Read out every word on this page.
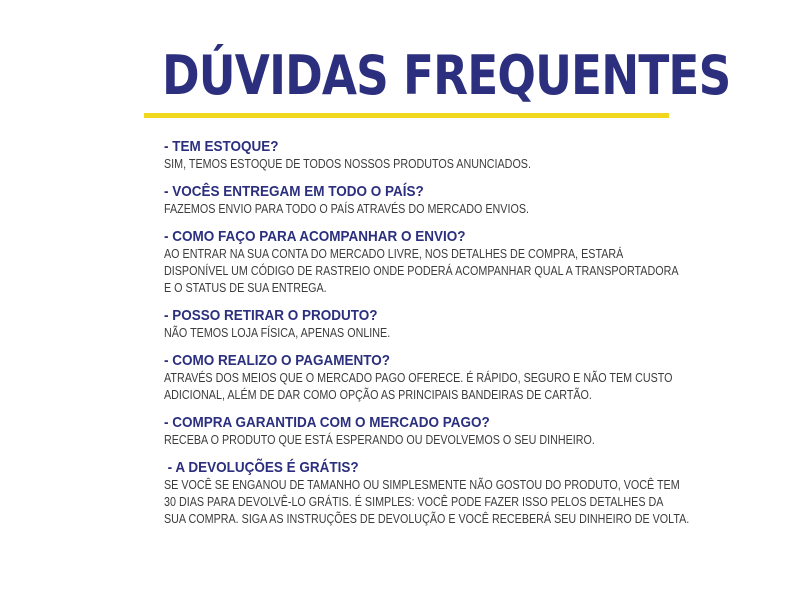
DÚVIDAS FREQUENTES
- TEM ESTOQUE?
SIM, TEMOS ESTOQUE DE TODOS NOSSOS PRODUTOS ANUNCIADOS.
- VOCÊS ENTREGAM EM TODO O PAÍS?
FAZEMOS ENVIO PARA TODO O PAÍS ATRAVÉS DO MERCADO ENVIOS.
- COMO FAÇO PARA ACOMPANHAR O ENVIO?
AO ENTRAR NA SUA CONTA DO MERCADO LIVRE, NOS DETALHES DE COMPRA, ESTARÁ
DISPONÍVEL UM CÓDIGO DE RASTREIO ONDE PODERÁ ACOMPANHAR QUAL A TRANSPORTADORA
E O STATUS DE SUA ENTREGA.
- POSSO RETIRAR O PRODUTO?
NÃO TEMOS LOJA FÍSICA, APENAS ONLINE.
- COMO REALIZO O PAGAMENTO?
ATRAVÉS DOS MEIOS QUE O MERCADO PAGO OFERECE. É RÁPIDO, SEGURO E NÃO TEM CUSTO
ADICIONAL, ALÉM DE DAR COMO OPÇÃO AS PRINCIPAIS BANDEIRAS DE CARTÃO.
- COMPRA GARANTIDA COM O MERCADO PAGO?
RECEBA O PRODUTO QUE ESTÁ ESPERANDO OU DEVOLVEMOS O SEU DINHEIRO.
- A DEVOLUÇÕES É GRÁTIS?
SE VOCÊ SE ENGANOU DE TAMANHO OU SIMPLESMENTE NÃO GOSTOU DO PRODUTO, VOCÊ TEM
30 DIAS PARA DEVOLVÊ-LO GRÁTIS. É SIMPLES: VOCÊ PODE FAZER ISSO PELOS DETALHES DA
SUA COMPRA. SIGA AS INSTRUÇÕES DE DEVOLUÇÃO E VOCÊ RECEBERÁ SEU DINHEIRO DE VOLTA.
